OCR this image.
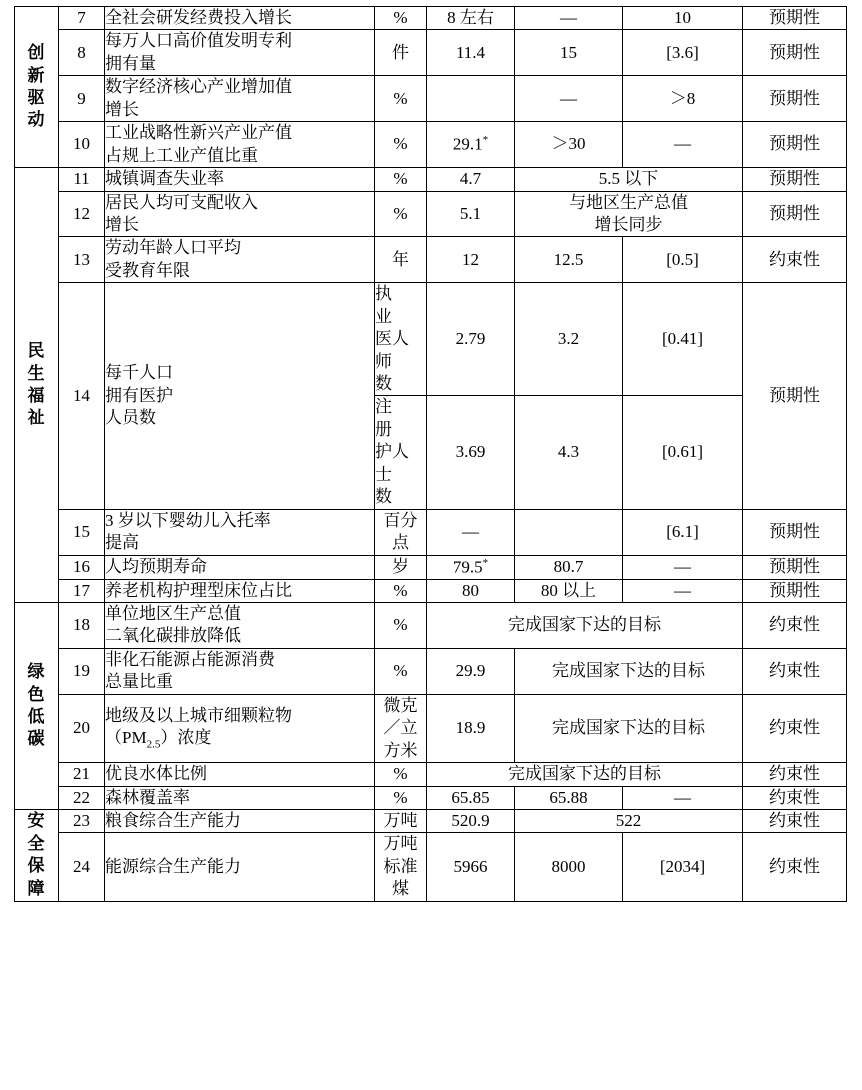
创
新
驱
动	7	全社会研发经费投入增长	%	8 左右	—	10	预期性
	8	每万人口高价值发明专利
拥有量	件	11.4	15	[3.6]	预期性
	9	数字经济核心产业增加值
增长	%		—	＞8	预期性
	10	工业战略性新兴产业产值
占规上工业产值比重	%	29.1*	＞30	—	预期性

民
生
福
祉	11	城镇调查失业率	%	4.7	5.5 以下		预期性
	12	居民人均可支配收入
增长	%	5.1	与地区生产总值
增长同步		预期性
	13	劳动年龄人口平均
受教育年限	年	12	12.5	[0.5]	约束性
	14	每千人口
拥有医护
人员数	执业医师数	人	2.79	3.2	[0.41]	预期性
			注册护士数	人	3.69	4.3	[0.61]	
	15	3 岁以下婴幼儿入托率
提高	百分
点	—		[6.1]	预期性
	16	人均预期寿命	岁	79.5*	80.7	—	预期性
	17	养老机构护理型床位占比	%	80	80 以上	—	预期性

绿
色
低
碳	18	单位地区生产总值
二氧化碳排放降低	%	完成国家下达的目标			约束性
	19	非化石能源占能源消费
总量比重	%	29.9	完成国家下达的目标		约束性
	20	地级及以上城市细颗粒物
$(PM_{2.5})$浓度	微克
／立
方米	18.9	完成国家下达的目标		约束性
	21	优良水体比例	%	完成国家下达的目标			约束性
	22	森林覆盖率	%	65.85	65.88	—	约束性

安
全
保
障	23	粮食综合生产能力	万吨	520.9	522		约束性
	24	能源综合生产能力	万吨
标准
煤	5966	8000	[2034]	约束性
